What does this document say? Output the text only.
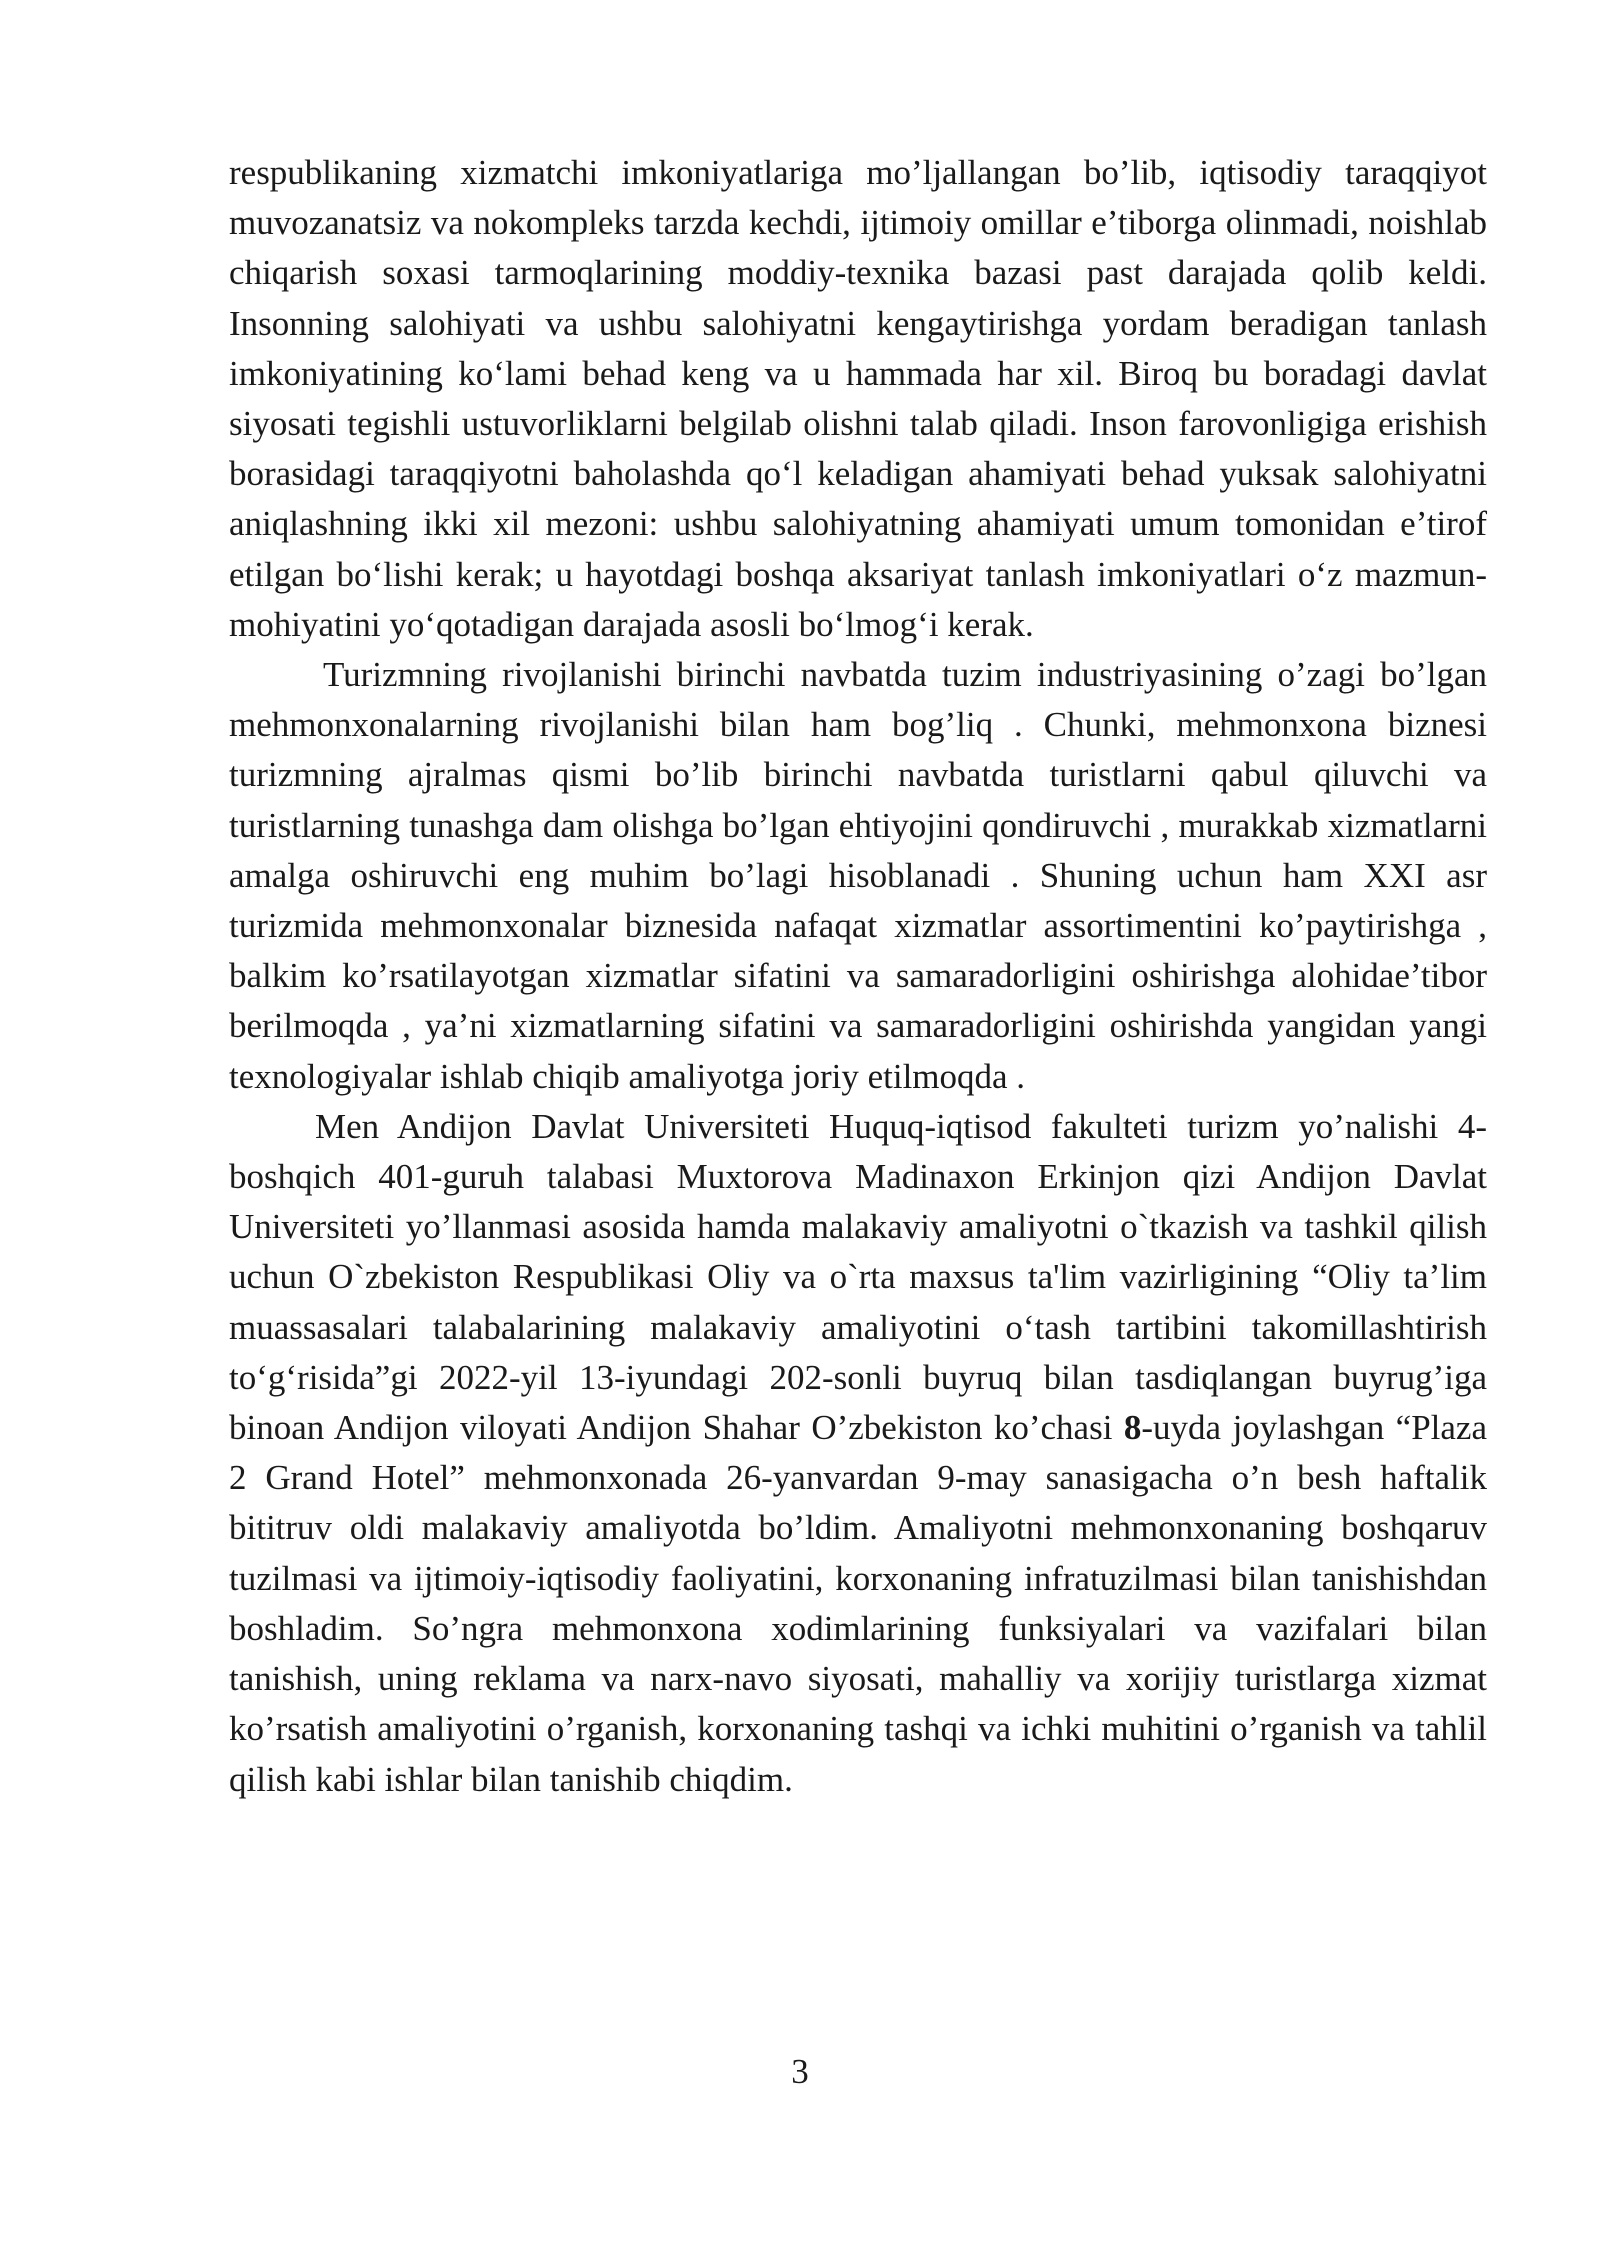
respublikaning xizmatchi imkoniyatlariga mo’ljallangan bo’lib, iqtisodiy taraqqiyot muvozanatsiz va nokompleks tarzda kechdi, ijtimoiy omillar e’tiborga olinmadi, noishlab chiqarish soxasi tarmoqlarining moddiy-texnika bazasi past darajada qolib keldi. Insonning salohiyati va ushbu salohiyatni kengaytirishga yordam beradigan tanlash imkoniyatining ko‘lami behad keng va u hammada har xil. Biroq bu boradagi davlat siyosati tegishli ustuvorliklarni belgilab olishni talab qiladi. Inson farovonligiga erishish borasidagi taraqqiyotni baholashda qo‘l keladigan ahamiyati behad yuksak salohiyatni aniqlashning ikki xil mezoni: ushbu salohiyatning ahamiyati umum tomonidan e’tirof etilgan bo‘lishi kerak; u hayotdagi boshqa aksariyat tanlash imkoniyatlari o‘z mazmun-mohiyatini yo‘qotadigan darajada asosli bo‘lmog‘i kerak.

Turizmning rivojlanishi birinchi navbatda tuzim industriyasining o’zagi bo’lgan mehmonxonalarning rivojlanishi bilan ham bog’liq . Chunki, mehmonxona biznesi turizmning ajralmas qismi bo’lib birinchi navbatda turistlarni qabul qiluvchi va turistlarning tunashga dam olishga bo’lgan ehtiyojini qondiruvchi , murakkab xizmatlarni amalga oshiruvchi eng muhim bo’lagi hisoblanadi . Shuning uchun ham XXI asr turizmida mehmonxonalar biznesida nafaqat xizmatlar assortimentini ko’paytirishga , balkim ko’rsatilayotgan xizmatlar sifatini va samaradorligini oshirishga alohidae’tibor berilmoqda , ya’ni xizmatlarning sifatini va samaradorligini oshirishda yangidan yangi texnologiyalar ishlab chiqib amaliyotga joriy etilmoqda .

Men Andijon Davlat Universiteti Huquq-iqtisod fakulteti turizm yo’nalishi 4-boshqich 401-guruh talabasi Muxtorova Madinaxon Erkinjon qizi Andijon Davlat Universiteti yo’llanmasi asosida hamda malakaviy amaliyotni o`tkazish va tashkil qilish uchun O`zbekiston Respublikasi Oliy va o`rta maxsus ta'lim vazirligining “Oliy ta’lim muassasalari talabalarining malakaviy amaliyotini o‘tash tartibini takomillashtirish to‘g‘risida”gi 2022-yil 13-iyundagi 202-sonli buyruq bilan tasdiqlangan buyrug’iga binoan Andijon viloyati Andijon Shahar O’zbekiston ko’chasi 8-uyda joylashgan “Plaza 2 Grand Hotel” mehmonxonada 26-yanvardan 9-may sanasigacha o’n besh haftalik bititruv oldi malakaviy amaliyotda bo’ldim. Amaliyotni mehmonxonaning boshqaruv tuzilmasi va ijtimoiy-iqtisodiy faoliyatini, korxonaning infratuzilmasi bilan tanishishdan boshladim. So’ngra mehmonxona xodimlarining funksiyalari va vazifalari bilan tanishish, uning reklama va narx-navo siyosati, mahalliy va xorijiy turistlarga xizmat ko’rsatish amaliyotini o’rganish, korxonaning tashqi va ichki muhitini o’rganish va tahlil qilish kabi ishlar bilan tanishib chiqdim.

3
